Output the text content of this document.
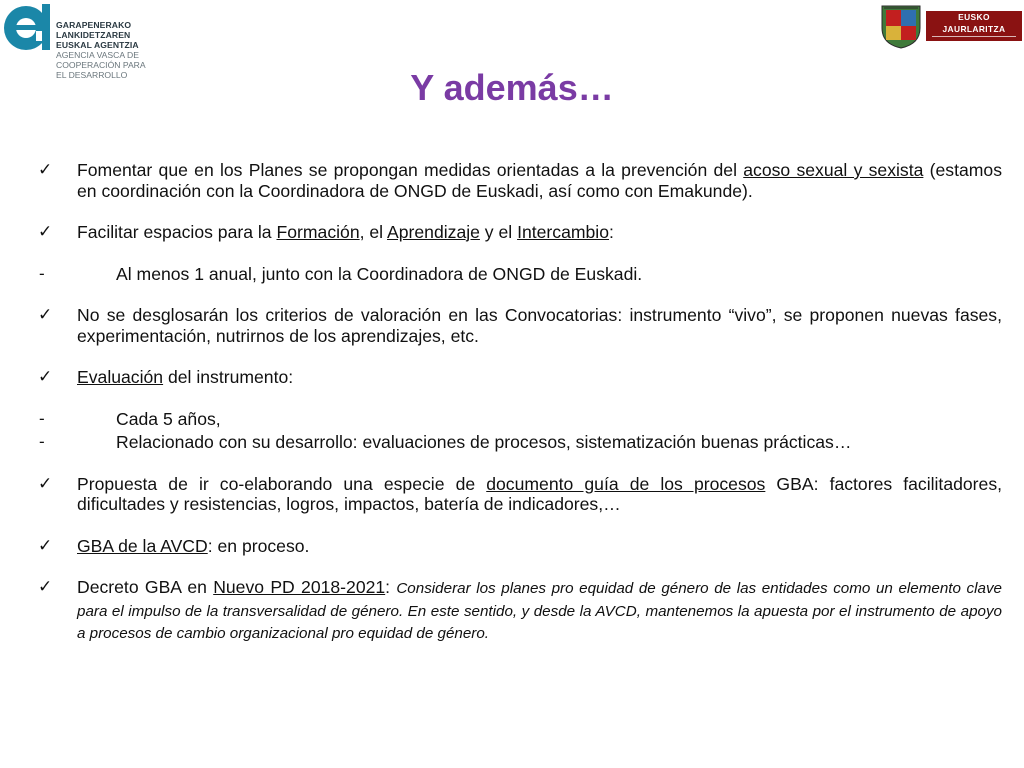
GARAPENERAKO
LANKIDETZAREN
EUSKAL AGENTZIA
AGENCIA VASCA DE
COOPERACIÓN PARA
EL DESARROLLO
EUSKO JAURLARITZA
GOBIERNO VASCO
Y además…
✓ Fomentar que en los Planes se propongan medidas orientadas a la prevención del acoso sexual y sexista (estamos en coordinación con la Coordinadora de ONGD de Euskadi, así como con Emakunde).
✓ Facilitar espacios para la Formación, el Aprendizaje y el Intercambio:
-	Al menos 1 anual, junto con la Coordinadora de ONGD de Euskadi.
✓ No se desglosarán los criterios de valoración en las Convocatorias: instrumento “vivo”, se proponen nuevas fases, experimentación, nutrirnos de los aprendizajes, etc.
✓ Evaluación del instrumento:
-	Cada 5 años,
-	Relacionado con su desarrollo: evaluaciones de procesos, sistematización buenas prácticas…
✓ Propuesta de ir co-elaborando una especie de documento guía de los procesos GBA: factores facilitadores, dificultades y resistencias, logros, impactos, batería de indicadores,…
✓ GBA de la AVCD: en proceso.
✓ Decreto GBA en Nuevo PD 2018-2021: Considerar los planes pro equidad de género de las entidades como un elemento clave para el impulso de la transversalidad de género. En este sentido, y desde la AVCD, mantenemos la apuesta por el instrumento de apoyo a procesos de cambio organizacional pro equidad de género.
